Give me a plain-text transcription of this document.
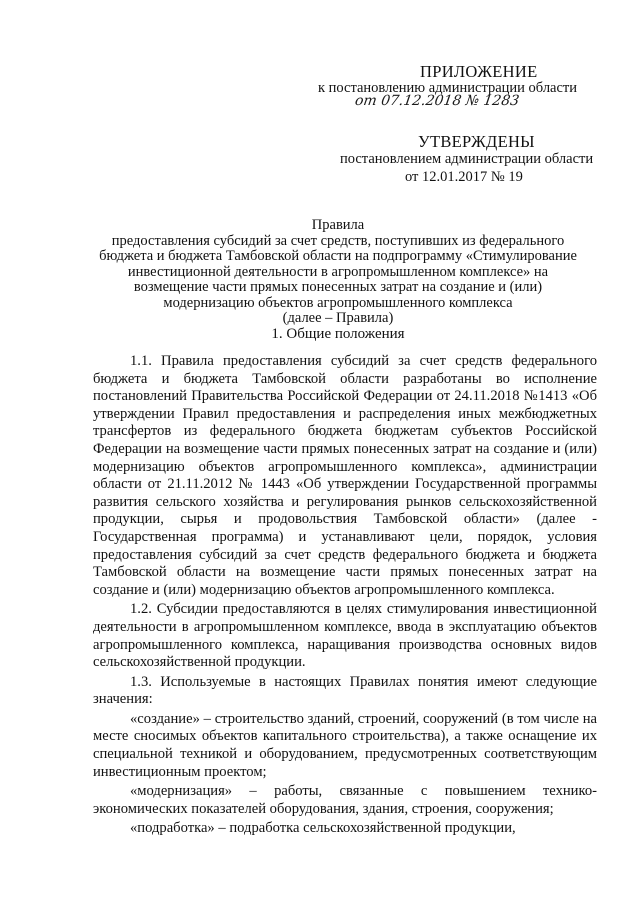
ПРИЛОЖЕНИЕ
к постановлению администрации области
от 07.12.2018 № 1283
УТВЕРЖДЕНЫ
постановлением администрации области
от 12.01.2017 № 19
Правила
предоставления субсидий за счет средств, поступивших из федерального
бюджета и бюджета Тамбовской области на подпрограмму «Стимулирование
инвестиционной деятельности в агропромышленном комплексе» на
возмещение части прямых понесенных затрат на создание и (или)
модернизацию объектов агропромышленного комплекса
(далее – Правила)
1. Общие положения

1.1. Правила предоставления субсидий за счет средств федерального бюджета и бюджета Тамбовской области разработаны во исполнение постановлений Правительства Российской Федерации от 24.11.2018 №1413 «Об утверждении Правил предоставления и распределения иных межбюджетных трансфертов из федерального бюджета бюджетам субъектов Российской Федерации на возмещение части прямых понесенных затрат на создание и (или) модернизацию объектов агропромышленного комплекса», администрации области от 21.11.2012 № 1443 «Об утверждении Государственной программы развития сельского хозяйства и регулирования рынков сельскохозяйственной продукции, сырья и продовольствия Тамбовской области» (далее - Государственная программа) и устанавливают цели, порядок, условия предоставления субсидий за счет средств федерального бюджета и бюджета Тамбовской области на возмещение части прямых понесенных затрат на создание и (или) модернизацию объектов агропромышленного комплекса.

1.2. Субсидии предоставляются в целях стимулирования инвестиционной деятельности в агропромышленном комплексе, ввода в эксплуатацию объектов агропромышленного комплекса, наращивания производства основных видов сельскохозяйственной продукции.

1.3. Используемые в настоящих Правилах понятия имеют следующие значения:

«создание» – строительство зданий, строений, сооружений (в том числе на месте сносимых объектов капитального строительства), а также оснащение их специальной техникой и оборудованием, предусмотренных соответствующим инвестиционным проектом;

«модернизация» – работы, связанные с повышением технико-экономических показателей оборудования, здания, строения, сооружения;

«подработка» – подработка сельскохозяйственной продукции,
